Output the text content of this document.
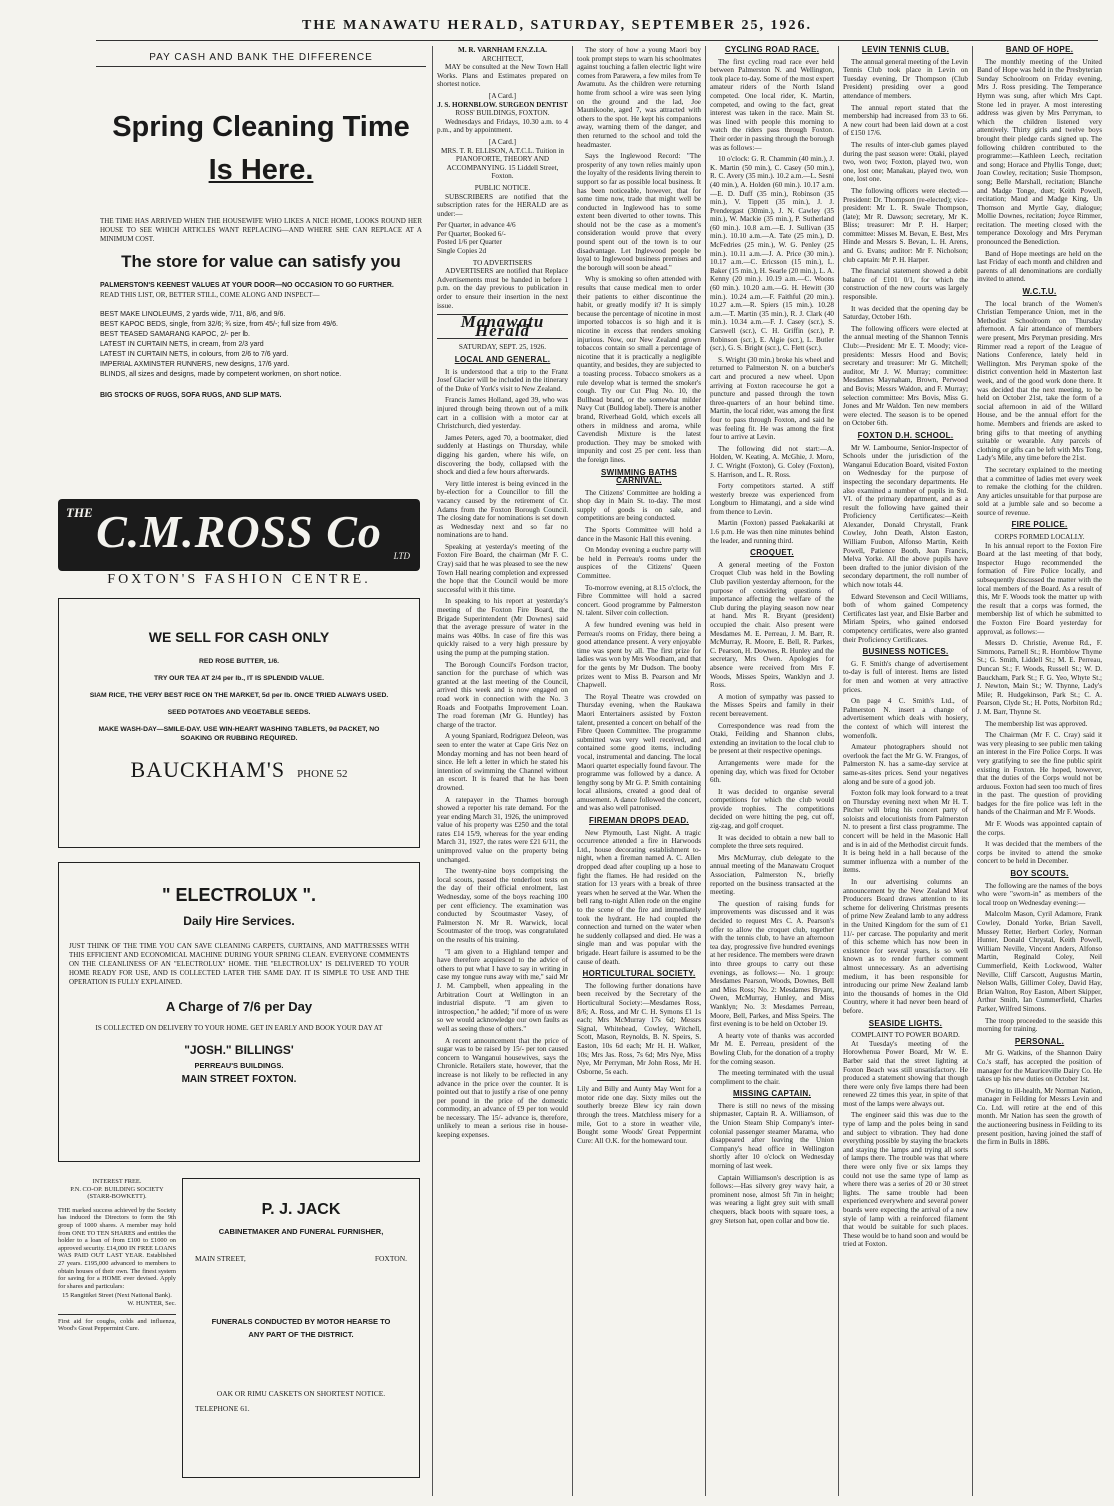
THE MANAWATU HERALD, SATURDAY, SEPTEMBER 25, 1926.
PAY CASH AND BANK THE DIFFERENCE
Spring Cleaning Time
Is Here.
THE TIME HAS ARRIVED WHEN THE HOUSEWIFE WHO LIKES A NICE HOME, LOOKS ROUND HER HOUSE TO SEE WHICH ARTICLES WANT REPLACING—AND WHERE SHE CAN REPLACE AT A MINIMUM COST.
The store for value can satisfy you
PALMERSTON'S KEENEST VALUES AT YOUR DOOR—NO OCCASION TO GO FURTHER.
READ THIS LIST, OR, BETTER STILL, COME ALONG AND INSPECT—
BEST MAKE LINOLEUMS, 2 yards wide, 7/11, 8/6, and 9/6.
BEST KAPOC BEDS, single, from 32/6; ¾ size, from 45/-; full size from 49/6.
BEST TEASED SAMARANG KAPOC, 2/- per lb.
LATEST IN CURTAIN NETS, in cream, from 2/3 yard
LATEST IN CURTAIN NETS, in colours, from 2/6 to 7/6 yard.
IMPERIAL AXMINSTER RUNNERS, new designs, 17/6 yard.
BLINDS, all sizes and designs, made by competent workmen, on short notice.
BIG STOCKS OF RUGS, SOFA RUGS, AND SLIP MATS.
THE C.M.ROSS Co	LTD
FOXTON'S FASHION CENTRE.
WE SELL FOR CASH ONLY
RED ROSE BUTTER, 1/6.
TRY OUR TEA AT 2/4 per lb., IT IS SPLENDID VALUE.
SIAM RICE, THE VERY BEST RICE ON THE MARKET, 5d per lb. ONCE TRIED ALWAYS USED.
SEED POTATOES AND VEGETABLE SEEDS.
MAKE WASH-DAY—SMILE-DAY. USE WIN-HEART WASHING TABLETS, 9d PACKET, NO SOAKING OR RUBBING REQUIRED.
BAUCKHAM'S PHONE 52
" ELECTROLUX ".
Daily Hire Services.
JUST THINK OF THE TIME YOU CAN SAVE CLEANING CARPETS, CURTAINS, AND MATTRESSES WITH THIS EFFICIENT AND ECONOMICAL MACHINE DURING YOUR SPRING CLEAN. EVERYONE COMMENTS ON THE CLEANLINESS OF AN "ELECTROLUX" HOME. THE "ELECTROLUX" IS DELIVERED TO YOUR HOME READY FOR USE, AND IS COLLECTED LATER THE SAME DAY. IT IS SIMPLE TO USE AND THE OPERATION IS FULLY EXPLAINED.
A Charge of 7/6 per Day
IS COLLECTED ON DELIVERY TO YOUR HOME. GET IN EARLY AND BOOK YOUR DAY AT
"JOSH." BILLINGS'
PERREAU'S BUILDINGS.
MAIN STREET FOXTON.
INTEREST FREE.
P.N. CO-OP. BUILDING SOCIETY
(STARR-BOWKETT).
THE marked success achieved by the Society has induced the Directors to form the 9th group of 1000 shares. A member may hold from ONE TO TEN SHARES and entitles the holder to a loan of from £100 to £1000 on approved security. £14,000 IN FREE LOANS WAS PAID OUT LAST YEAR. Established 27 years. £195,000 advanced to members to obtain houses of their own. The finest system for saving for a HOME ever devised. Apply for shares and particulars:
15 Rangitikei Street (Next National Bank).
W. HUNTER, Sec.
First aid for coughs, colds and influenza, Wood's Great Peppermint Cure.
P. J. JACK
CABINETMAKER AND FUNERAL FURNISHER,
MAIN STREET,	FOXTON.
FUNERALS CONDUCTED BY MOTOR HEARSE TO ANY PART OF THE DISTRICT.
OAK OR RIMU CASKETS ON SHORTEST NOTICE.
TELEPHONE 61.
M. R. VARNHAM F.N.Z.I.A.
ARCHITECT,

MAY be consulted at the New Town Hall Works. Plans and Estimates prepared on shortest notice.

[A Card.]
J. S. HORNBLOW. SURGEON DENTIST
ROSS' BUILDINGS, FOXTON.

Wednesdays and Fridays, 10.30 a.m. to 4 p.m., and by appointment.

[A Card.]
MRS. T. R. ELLISON, A.T.C.L. Tuition in PIANOFORTE, THEORY AND ACCOMPANYING. 15 Liddell Street, Foxton.
PUBLIC NOTICE.

SUBSCRIBERS are notified that the subscription rates for the HERALD are as under:—

Per Quarter, in advance 4/6
Per Quarter, Booked 6/-
Posted 1/6 per Quarter
Single Copies 2d
TO ADVERTISERS

ADVERTISERS are notified that Replace Advertisements must be handed in before 1 p.m. on the day previous to publication in order to ensure their insertion in the next issue.

Manawatu Herald
SATURDAY, SEPT. 25, 1926.
LOCAL AND GENERAL.

It is understood that a trip to the Franz Josef Glacier will be included in the itinerary of the Duke of York's visit to New Zealand.

Francis James Holland, aged 39, who was injured through being thrown out of a milk cart in a collision with a motor car at Christchurch, died yesterday.

James Peters, aged 70, a bootmaker, died suddenly at Hastings on Thursday, while digging his garden, where his wife, on discovering the body, collapsed with the shock and died a few hours afterwards.

Very little interest is being evinced in the by-election for a Councillor to fill the vacancy caused by the retirement of Cr. Adams from the Foxton Borough Council. The closing date for nominations is set down as Wednesday next and so far no nominations are to hand.

Speaking at yesterday's meeting of the Foxton Fire Board, the chairman (Mr F. C. Cray) said that he was pleased to see the new Town Hall nearing completion and expressed the hope that the Council would be more successful with it this time.

In speaking to his report at yesterday's meeting of the Foxton Fire Board, the Brigade Superintendent (Mr Downes) said that the average pressure of water in the mains was 40lbs. In case of fire this was quickly raised to a very high pressure by using the pump at the pumping station.

The Borough Council's Fordson tractor, sanction for the purchase of which was granted at the last meeting of the Council, arrived this week and is now engaged on road work in connection with the No. 3 Roads and Footpaths Improvement Loan. The road foreman (Mr G. Huntley) has charge of the tractor.

A young Spaniard, Rodriguez Deleon, was seen to enter the water at Cape Gris Nez on Monday morning and has not been heard of since. He left a letter in which he stated his intention of swimming the Channel without an escort. It is feared that he has been drowned.

A ratepayer in the Thames borough showed a reporter his rate demand. For the year ending March 31, 1926, the unimproved value of his property was £250 and the total rates £14 15/9, whereas for the year ending March 31, 1927, the rates were £21 6/11, the unimproved value on the property being unchanged.

The twenty-nine boys comprising the local scouts, passed the tenderfoot tests on the day of their official enrolment, last Wednesday, some of the boys reaching 100 per cent efficiency. The examination was conducted by Scoutmaster Vasey, of Palmerston N. Mr R. Warwick, local Scoutmaster of the troop, was congratulated on the results of his training.

"I am given to a Highland temper and have therefore acquiesced to the advice of others to put what I have to say in writing in case my tongue runs away with me," said Mr J. M. Campbell, when appealing in the Arbitration Court at Wellington in an industrial dispute. "I am given to introspection," he added; "if more of us were so we would acknowledge our own faults as well as seeing those of others."

A recent announcement that the price of sugar was to be raised by 15/- per ton caused concern to Wanganui housewives, says the Chronicle. Retailers state, however, that the increase is not likely to be reflected in any advance in the price over the counter. It is pointed out that to justify a rise of one penny per pound in the price of the domestic commodity, an advance of £9 per ton would be necessary. The 15/- advance is, therefore, unlikely to mean a serious rise in house-keeping expenses.

The story of how a young Maori boy took prompt steps to warn his schoolmates against touching a fallen electric light wire comes from Parawera, a few miles from Te Awamutu. As the children were returning home from school a wire was seen lying on the ground and the lad, Joe Maunikoohe, aged 7, was attracted with others to the spot. He kept his companions away, warning them of the danger, and then returned to the school and told the headmaster.

Says the Inglewood Record: "The prosperity of any town relies mainly upon the loyalty of the residents living therein to support so far as possible local business. It has been noticeable, however, that for some time now, trade that might well be conducted in Inglewood has to some extent been diverted to other towns. This should not be the case as a moment's consideration would prove that every pound spent out of the town is to our disadvantage. Let Inglewood people be loyal to Inglewood business premises and the borough will soon be ahead."

Why is smoking so often attended with results that cause medical men to order their patients to either discontinue the habit, or greatly modify it? It is simply because the percentage of nicotine in most imported tobaccos is so high and it is nicotine in excess that renders smoking injurious. Now, our New Zealand grown tobaccos contain so small a percentage of nicotine that it is practically a negligible quantity, and besides, they are subjected to a toasting process. Tobacco smokers as a rule develop what is termed the smoker's cough. Try our Cut Plug No. 10, the Bullhead brand, or the somewhat milder Navy Cut (Bulldog label). There is another brand, Riverhead Gold, which excels all others in mildness and aroma, while Cavendish Mixture is the latest production. They may be smoked with impunity and cost 25 per cent. less than the foreign lines.

SWIMMING BATHS CARNIVAL.

The Citizens' Committee are holding a shop day in Main St. to-day. The most supply of goods is on sale, and competitions are being conducted.

The Sports Committee will hold a dance in the Masonic Hall this evening.

On Monday evening a euchre party will be held in Perreau's rooms under the auspices of the Citizens' Queen Committee.

To-morrow evening, at 8.15 o'clock, the Fibre Committee will hold a sacred concert. Good programme by Palmerston N. talent. Silver coin collection.

A few hundred evening was held in Perreau's rooms on Friday, there being a good attendance present. A very enjoyable time was spent by all. The first prize for ladies was won by Mrs Woodham, and that for the gents by Mr Dudson. The booby prizes went to Miss B. Pearson and Mr Chapwell.

The Royal Theatre was crowded on Thursday evening, when the Raukawa Maori Entertainers assisted by Foxton talent, presented a concert on behalf of the Fibre Queen Committee. The programme submitted was very well received, and contained some good items, including vocal, instrumental and dancing. The local Maori quartet especially found favour. The programme was followed by a dance. A lengthy song by Mr G. P. Smith containing local allusions, created a good deal of amusement. A dance followed the concert, and was also well patronised.

FIREMAN DROPS DEAD.

New Plymouth, Last Night. A tragic occurrence attended a fire in Harwoods Ltd., house decorating establishment to-night, when a fireman named A. C. Allen dropped dead after coupling up a hose to fight the flames. He had resided on the station for 13 years with a break of three years when he served at the War. When the bell rang to-night Allen rode on the engine to the scene of the fire and immediately took the hydrant. He had coupled the connection and turned on the water when he suddenly collapsed and died. He was a single man and was popular with the brigade. Heart failure is assumed to be the cause of death.

HORTICULTURAL SOCIETY.

The following further donations have been received by the Secretary of the Horticultural Society:—Mesdames Ross, 8/6; A. Ross, and Mr C. H. Symons £1 1s each; Mrs McMurray 17s 6d; Messrs Signal, Whitehead, Cowley, Witchell, Scott, Mason, Reynolds, B. N. Speirs, S. Easton, 10s 6d each; Mr H. H. Walker, 10s; Mrs Jas. Ross, 7s 6d; Mrs Nye, Miss Nye, Mr Perryman, Mr John Ross, Mr H. Osborne, 5s each.

Lily and Billy and Aunty May Went for a motor ride one day. Sixty miles out the southerly breeze Blew icy rain down through the trees. Matchless misery for a mile, Got to a store in weather vile, Bought some Woods' Great Peppermint Cure: All O.K. for the homeward tour.

CYCLING ROAD RACE.

The first cycling road race ever held between Palmerston N. and Wellington, took place to-day. Some of the most expert amateur riders of the North Island competed. One local rider, K. Martin, competed, and owing to the fact, great interest was taken in the race. Main St. was lined with people this morning to watch the riders pass through Foxton. Their order in passing through the borough was as follows:—

10 o'clock: G. R. Chammin (40 min.), J. K. Martin (50 min.), C. Casey (50 min.), R. C. Avery (35 min.). 10.2 a.m.—L. Sesni (40 min.), A. Holden (60 min.). 10.17 a.m.—E. D. Duff (35 min.), Robinson (35 min.), V. Tippett (35 min.), J. J. Prendergast (30min.), J. N. Cawley (35 min.), W. Mackie (35 min.), P. Sutherland (60 min.). 10.8 a.m.—E. J. Sullivan (35 min.). 10.10 a.m.—A. Tate (25 min.), D. McFedries (25 min.), W. G. Penley (25 min.). 10.11 a.m.—J. A. Price (30 min.). 10.17 a.m.—C. Ericsson (15 min.), L. Baker (15 min.), H. Searle (20 min.), L. A. Kenny (20 min.). 10.19 a.m.—C. Woons (60 min.). 10.20 a.m.—G. H. Hewitt (30 min.). 10.24 a.m.—F. Faithful (20 min.). 10.27 a.m.—R. Spiers (15 min.). 10.28 a.m.—T. Martin (35 min.), R. J. Clark (40 min.). 10.34 a.m.—F. J. Casey (scr.), S. Carswell (scr.), C. H. Griffin (scr.), P. Robinson (scr.), E. Algie (scr.), L. Butler (scr.), G. S. Bright (scr.), C. Flett (scr.).

S. Wright (30 min.) broke his wheel and returned to Palmerston N. on a butcher's cart and procured a new wheel. Upon arriving at Foxton racecourse he got a puncture and passed through the town three-quarters of an hour behind time. Martin, the local rider, was among the first four to pass through Foxton, and said he was feeling fit. He was among the first four to arrive at Levin.

The following did not start:—A. Holden, W. Keating, A. McGhie, J. Moro, J. C. Wright (Foxton), G. Coley (Foxton), S. Harrison, and L. R. Ross.

Forty competitors started. A stiff westerly breeze was experienced from Longburn to Himatangi, and a side wind from thence to Levin.

Martin (Foxton) passed Paekakariki at 1.6 p.m. He was then nine minutes behind the leader, and running third.

CROQUET.

A general meeting of the Foxton Croquet Club was held in the Bowling Club pavilion yesterday afternoon, for the purpose of considering questions of importance affecting the welfare of the Club during the playing season now near at hand. Mrs R. Bryant (president) occupied the chair. Also present were Mesdames M. E. Perreau, J. M. Barr, R. McMurray, R. Moore, E. Bell, R. Parkes, C. Pearson, H. Downes, R. Hunley and the secretary, Mrs Owen. Apologies for absence were received from Mrs F. Woods, Misses Speirs, Wanklyn and J. Ross.

A motion of sympathy was passed to the Misses Speirs and family in their recent bereavement.

Correspondence was read from the Otaki, Feilding and Shannon clubs, extending an invitation to the local club to be present at their respective openings.

Arrangements were made for the opening day, which was fixed for October 6th.

It was decided to organise several competitions for which the club would provide trophies. The competitions decided on were hitting the peg, cut off, zig-zag, and golf croquet.

It was decided to obtain a new ball to complete the three sets required.

Mrs McMurray, club delegate to the annual meeting of the Manawatu Croquet Association, Palmerston N., briefly reported on the business transacted at the meeting.

The question of raising funds for improvements was discussed and it was decided to request Mrs C. A. Pearson's offer to allow the croquet club, together with the tennis club, to have an afternoon tea day, progressive five hundred evenings at her residence. The members were drawn into three groups to carry out these evenings, as follows:— No. 1 group: Mesdames Pearson, Woods, Downes, Bell and Miss Ross; No. 2: Mesdames Bryant, Owen, McMurray, Hunley, and Miss Wanklyn; No. 3: Mesdames Perreau, Moore, Bell, Parkes, and Miss Speirs. The first evening is to be held on October 19.

A hearty vote of thanks was accorded Mr M. E. Perreau, president of the Bowling Club, for the donation of a trophy for the coming season.

The meeting terminated with the usual compliment to the chair.

MISSING CAPTAIN.

There is still no news of the missing shipmaster, Captain R. A. Williamson, of the Union Steam Ship Company's inter-colonial passenger steamer Marama, who disappeared after leaving the Union Company's head office in Wellington shortly after 10 o'clock on Wednesday morning of last week.

Captain Williamson's description is as follows:—Has silvery grey wavy hair, a prominent nose, almost 5ft 7in in height; was wearing a light grey suit with small chequers, black boots with square toes, a grey Stetson hat, open collar and bow tie.

LEVIN TENNIS CLUB.

The annual general meeting of the Levin Tennis Club took place in Levin on Tuesday evening, Dr Thompson (Club President) presiding over a good attendance of members.

The annual report stated that the membership had increased from 33 to 66. A new court had been laid down at a cost of £150 17/6.

The results of inter-club games played during the past season were: Otaki, played two, won two; Foxton, played two, won one, lost one; Manakau, played two, won one, lost one.

The following officers were elected:—President: Dr. Thompson (re-elected); vice-president: Mr L. R. Swale Thompson, (late); Mr R. Dawson; secretary, Mr K. Bliss; treasurer: Mr P. H. Harper; committee: Misses M. Bevan, E. Best, Mrs Hinde and Messrs S. Bevan, L. H. Arens, and G. Evans; auditor: Mr F. Nicholson; club captain: Mr P. H. Harper.

The financial statement showed a debit balance of £101 0/1, for which the construction of the new courts was largely responsible.

It was decided that the opening day be Saturday, October 16th.

The following officers were elected at the annual meeting of the Shannon Tennis Club:—President: Mr E. T. Moody; vice-presidents: Messrs Hood and Bovis; secretary and treasurer: Mr G. Mitchell; auditor, Mr J. W. Murray; committee: Mesdames Maynaham, Brown, Perwood and Bovis; Messrs Waldon, and F. Murray; selection committee: Mrs Bovis, Miss G. Jones and Mr Waldon. Ten new members were elected. The season is to be opened on October 6th.

FOXTON D.H. SCHOOL.

Mr W. Lambourne, Senior-Inspector of Schools under the jurisdiction of the Wanganui Education Board, visited Foxton on Wednesday for the purpose of inspecting the secondary departments. He also examined a number of pupils in Std. VI. of the primary department, and as a result the following have gained their Proficiency Certificates:—Keith Alexander, Donald Chrystall, Frank Cowley, John Death, Alston Easton, William Fuubon, Alfonso Martin, Keith Powell, Patience Booth, Jean Francis, Melva Yorke. All the above pupils have been drafted to the junior division of the secondary department, the roll number of which now totals 44.

Edward Stevenson and Cecil Williams, both of whom gained Competency Certificates last year, and Elsie Barber and Miriam Speirs, who gained endorsed competency certificates, were also granted their Proficiency Certificates.

BUSINESS NOTICES.

G. F. Smith's change of advertisement to-day is full of interest. Items are listed for men and women at very attractive prices.

On page 4 C. Smith's Ltd., of Palmerston N. insert a change of advertisement which deals with hosiery, the context of which will interest the womenfolk.

Amateur photographers should not overlook the fact the Mr G. W. Frangos, of Palmerston N. has a same-day service at same-as-sites prices. Send your negatives along and be sure of a good job.

Foxton folk may look forward to a treat on Thursday evening next when Mr H. T. Pitcher will bring his concert party of soloists and elocutionists from Palmerston N. to present a first class programme. The concert will be held in the Masonic Hall and is in aid of the Methodist circuit funds. It is being held in a hall because of the summer influenza with a number of the items.

In our advertising columns an announcement by the New Zealand Meat Producers Board draws attention to its scheme for delivering Christmas presents of prime New Zealand lamb to any address in the United Kingdom for the sum of £1 11/- per carcase. The popularity and merit of this scheme which has now been in existence for several years, is so well known as to render further comment almost unnecessary. As an advertising medium, it has been responsible for introducing our prime New Zealand lamb into the thousands of homes in the Old Country, where it had never been heard of before.

SEASIDE LIGHTS.
COMPLAINT TO POWER BOARD.

At Tuesday's meeting of the Horowhenua Power Board, Mr W. E. Barber said that the street lighting at Foxton Beach was still unsatisfactory. He produced a statement showing that though there were only five lamps there had been renewed 22 times this year, in spite of that most of the lamps were always out.

The engineer said this was due to the type of lamp and the poles being in sand and subject to vibration. They had done everything possible by staying the brackets and staying the lamps and trying all sorts of lamps there. The trouble was that where there were only five or six lamps they could not use the same type of lamp as where there was a series of 20 or 30 street lights. The same trouble had been experienced everywhere and several power boards were expecting the arrival of a new style of lamp with a reinforced filament that would be suitable for such places. These would be to hand soon and would be tried at Foxton.

BAND OF HOPE.

The monthly meeting of the United Band of Hope was held in the Presbyterian Sunday Schoolroom on Friday evening, Mrs J. Ross presiding. The Temperance Hymn was sung, after which Mrs Capt. Stone led in prayer. A most interesting address was given by Mrs Perryman, to which the children listened very attentively. Thirty girls and twelve boys brought their pledge cards signed up. The following children contributed to the programme:—Kathleen Leech, recitation and song; Horace and Phyllis Tonge, duet; Joan Cowley, recitation; Susie Thompson, song; Belle Marshall, recitation; Blanche and Madge Tonge, duet; Keith Powell, recitation; Maud and Madge King, Un Thomson and Myrtle Gay, dialogue; Mollie Downes, recitation; Joyce Rimmer, recitation. The meeting closed with the temperance Doxology and Mrs Peryman pronounced the Benediction.

Band of Hope meetings are held on the last Friday of each month and children and parents of all denominations are cordially invited to attend.

W.C.T.U.

The local branch of the Women's Christian Temperance Union, met in the Methodist Schoolroom on Thursday afternoon. A fair attendance of members were present, Mrs Peryman presiding. Mrs Rimmer read a report of the League of Nations Conference, lately held in Wellington. Mrs Peryman spoke of the district convention held in Masterton last week, and of the good work done there. It was decided that the next meeting, to be held on October 21st, take the form of a social afternoon in aid of the Willard House, and be the annual effort for the home. Members and friends are asked to bring gifts to that meeting of anything suitable or wearable. Any parcels of clothing or gifts can be left with Mrs Tong, Lady's Mile, any time before the 21st.

The secretary explained to the meeting that a committee of ladies met every week to remake the clothing for the children. Any articles unsuitable for that purpose are sold at a jumble sale and so become a source of revenue.

FIRE POLICE.
CORPS FORMED LOCALLY.

In his annual report to the Foxton Fire Board at the last meeting of that body, Inspector Hugo recommended the formation of Fire Police locally, and subsequently discussed the matter with the local members of the Board. As a result of this, Mr F. Woods took the matter up with the result that a corps was formed, the membership list of which he submitted to the Foxton Fire Board yesterday for approval, as follows:—

Messrs D. Christie, Avenue Rd., F. Simmons, Parnell St.; R. Hornblow Thyme St.; G. Smith, Liddell St.; M. E. Perreau, Duncan St.; F. Woods, Russell St.; W. D. Bauckham, Park St.; F. G. Yeo, Whyte St.; J. Newton, Main St.; W. Thynne, Lady's Mile; R. Hudgekinson, Park St.; C. A. Pearson, Clyde St.; H. Potts, Norbiton Rd.; J. M. Barr, Thynne St.

The membership list was approved.

The Chairman (Mr F. C. Cray) said it was very pleasing to see public men taking an interest in the Fire Police Corps. It was very gratifying to see the fine public spirit existing in Foxton. He hoped, however, that the duties of the Corps would not be arduous. Foxton had seen too much of fires in the past. The question of providing badges for the fire police was left in the hands of the Chairman and Mr F. Woods.

Mr F. Woods was appointed captain of the corps.

It was decided that the members of the corps be invited to attend the smoke concert to be held in December.

BOY SCOUTS.

The following are the names of the boys who were "sworn-in" as members of the local troop on Wednesday evening:—

Malcolm Mason, Cyril Adamore, Frank Cowley, Donald Yorke, Brian Savell, Mussey Retter, Herbert Corley, Norman Hunter, Donald Chrystal, Keith Powell, William Neville, Vincent Anders, Alfonso Martin, Reginald Coley, Neil Cummerfield, Keith Lockwood, Walter Neville, Cliff Carscott, Augustus Martin, Nelson Walls, Gillimer Coley, David Hay, Brian Walton, Roy Easton, Albert Skipper, Arthur Smith, Ian Cummerfield, Charles Parker, Wilfred Simons.

The troop proceeded to the seaside this morning for training.

PERSONAL.

Mr G. Watkins, of the Shannon Dairy Co.'s staff, has accepted the position of manager for the Mauriceville Dairy Co. He takes up his new duties on October 1st.

Owing to ill-health, Mr Norman Nation, manager in Feilding for Messrs Levin and Co. Ltd. will retire at the end of this month. Mr Nation has seen the growth of the auctioneering business in Feilding to its present position, having joined the staff of the firm in Bulls in 1886.
